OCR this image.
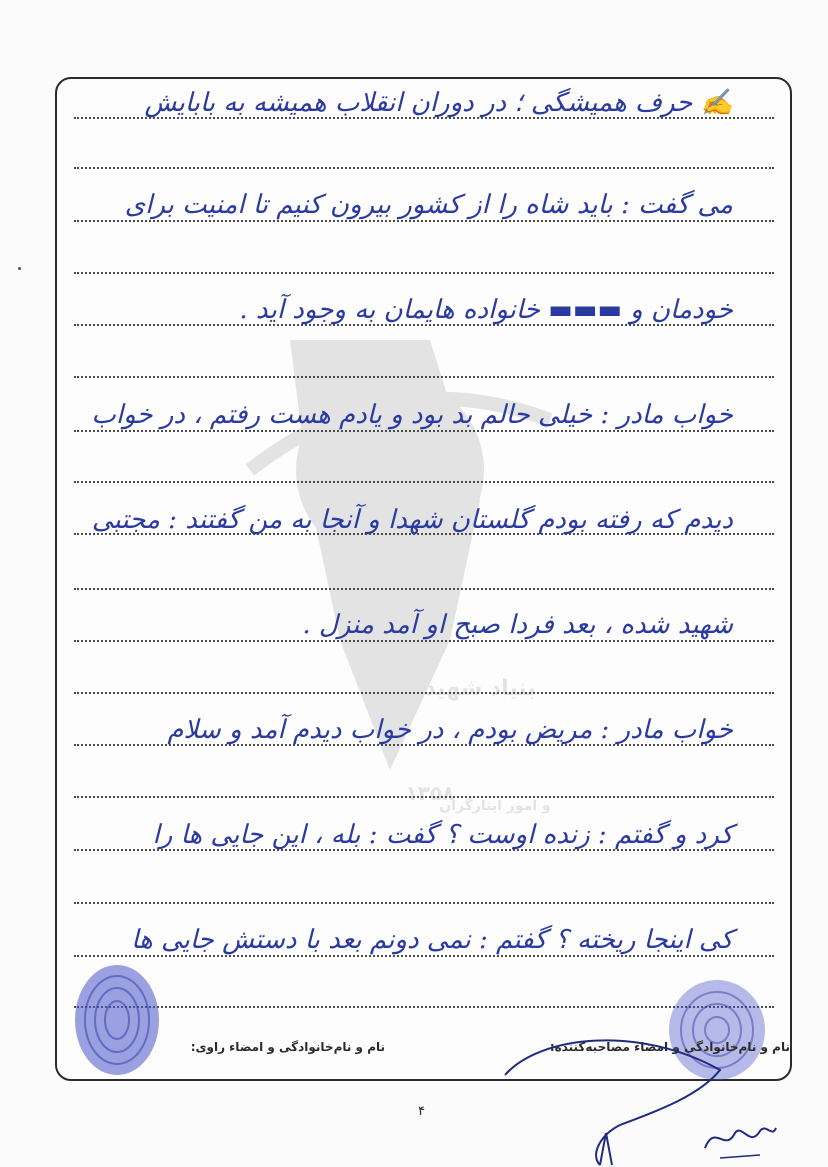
✍ حرف همیشگی ؛ در دوران انقلاب همیشه به بابایش
می گفت : باید شاه را از کشور بیرون کنیم تا امنیت برای
خودمان و ▬▬▬ خانواده هایمان به وجود آید .
خواب مادر : خیلی حالم بد بود و یادم هست رفتم ، در خواب
دیدم که رفته بودم گلستان شهدا و آنجا به من گفتند : مجتبی
شهید شده ، بعد فردا صبح او آمد منزل .
خواب مادر : مریض بودم ، در خواب دیدم آمد و سلام
کرد و گفتم : زنده اوست ؟ گفت : بله ، این جایی ها را
کی اینجا ریخته ؟ گفتم : نمی دونم بعد با دستش جایی ها
نام و نام‌خانوادگی و امضاء مصاحبه‌کننده:
نام و نام‌خانوادگی و امضاء راوی:
۴
